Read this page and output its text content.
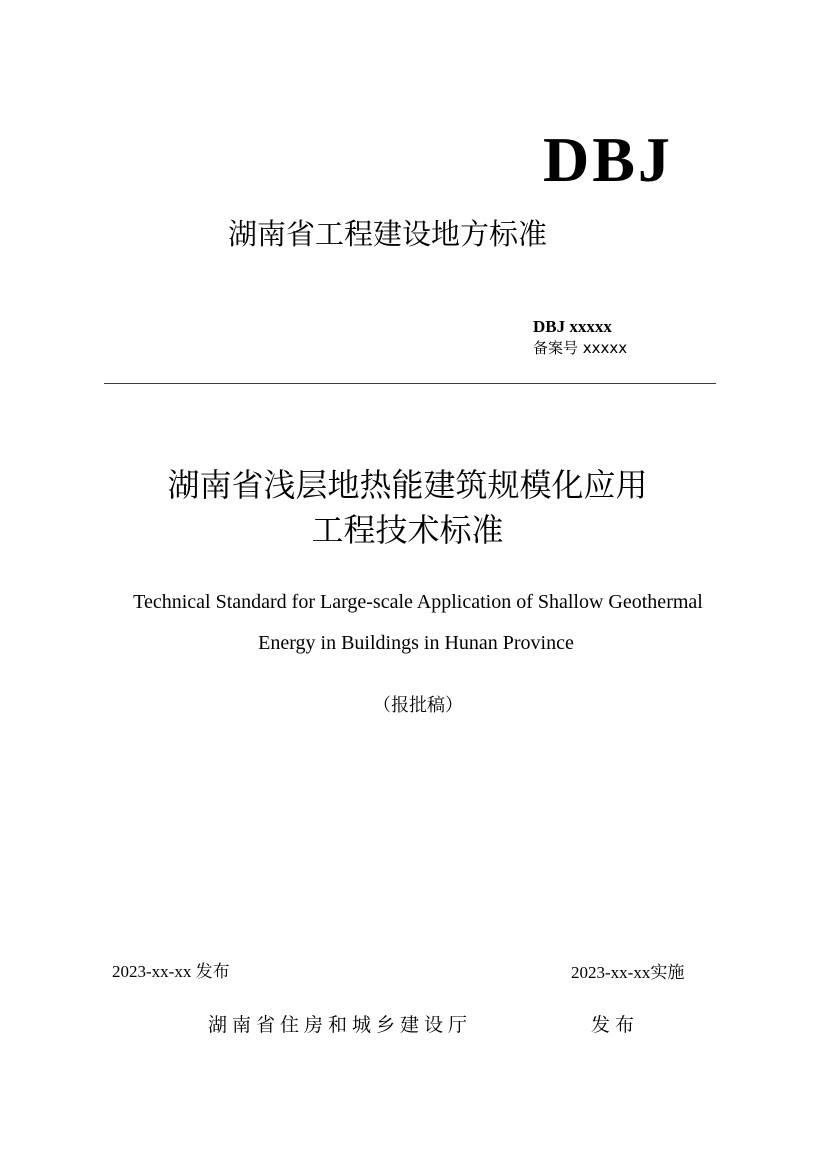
DBJ
湖南省工程建设地方标准
DBJ xxxxx
备案号 xxxxx
湖南省浅层地热能建筑规模化应用
工程技术标准
Technical Standard for Large-scale Application of Shallow Geothermal
Energy in Buildings in Hunan Province
（报批稿）
2023-xx-xx 发布	2023-xx-xx实施
湖南省住房和城乡建设厅	发布
